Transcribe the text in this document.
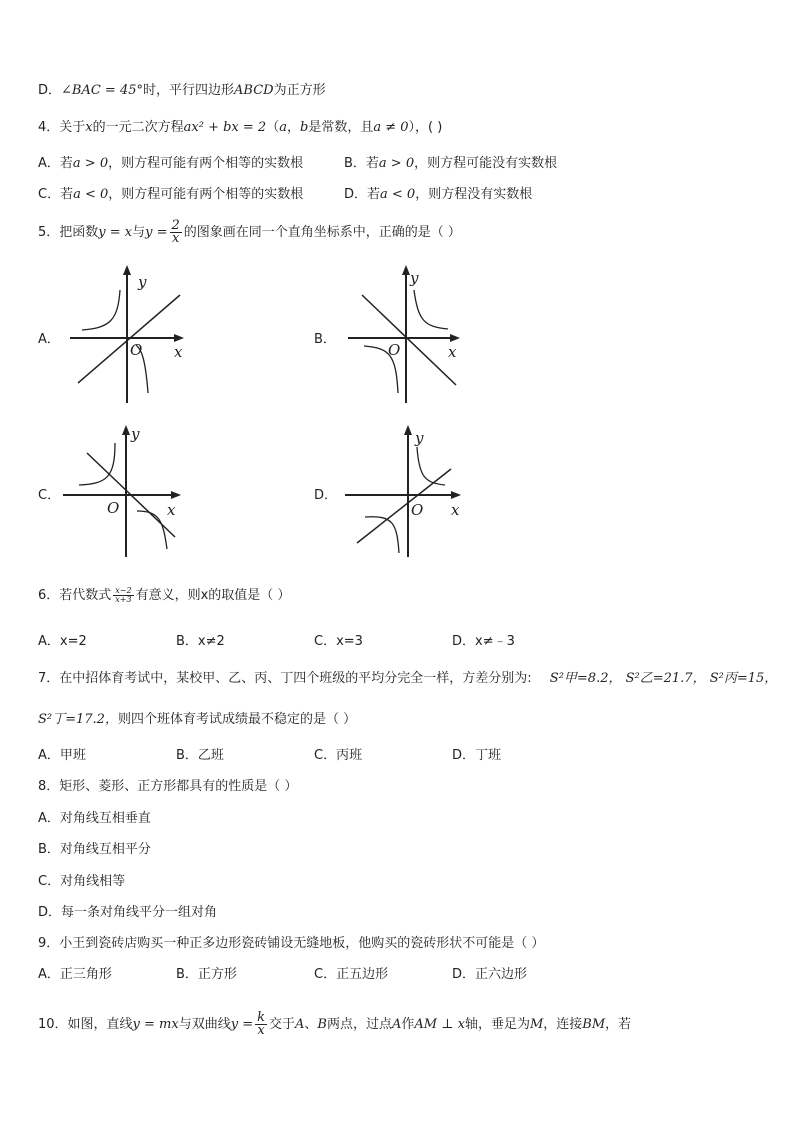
D．∠BAC = 45°时，平行四边形ABCD为正方形
4．关于x的一元二次方程ax² + bx = 2（a，b是常数，且a ≠ 0），( )
A．若a > 0，则方程可能有两个相等的实数根	B．若a > 0，则方程可能没有实数根
C．若a < 0，则方程可能有两个相等的实数根	D．若a < 0，则方程没有实数根
5．把函数y = x与$y = \frac{2}{x}$ 的图象画在同一个直角坐标系中，正确的是（ ）
A．	B．
C．	D．
y
x
O
y
x
O
y
x
O
y
x
O
6．若代数式 $\frac{x-2}{x+3}$ 有意义，则x的取值是（ ）
A．x=2	B．x≠2	C．x=3	D．x≠﹣3
7．在中招体育考试中，某校甲、乙、丙、丁四个班级的平均分完全一样，方差分别为: S²甲=8.2， S²乙=21.7， S²丙=15，
S²丁=17.2，则四个班体育考试成绩最不稳定的是（ ）
A．甲班	B．乙班	C．丙班	D．丁班
8．矩形、菱形、正方形都具有的性质是（ ）
A．对角线互相垂直
B．对角线互相平分
C．对角线相等
D．每一条对角线平分一组对角
9．小王到瓷砖店购买一种正多边形瓷砖铺设无缝地板，他购买的瓷砖形状不可能是（ ）
A．正三角形	B．正方形	C．正五边形	D．正六边形
10．如图，直线y = mx与双曲线$y = \frac{k}{x}$ 交于A、B两点，过点A作AM ⊥ x轴，垂足为M，连接BM，若
